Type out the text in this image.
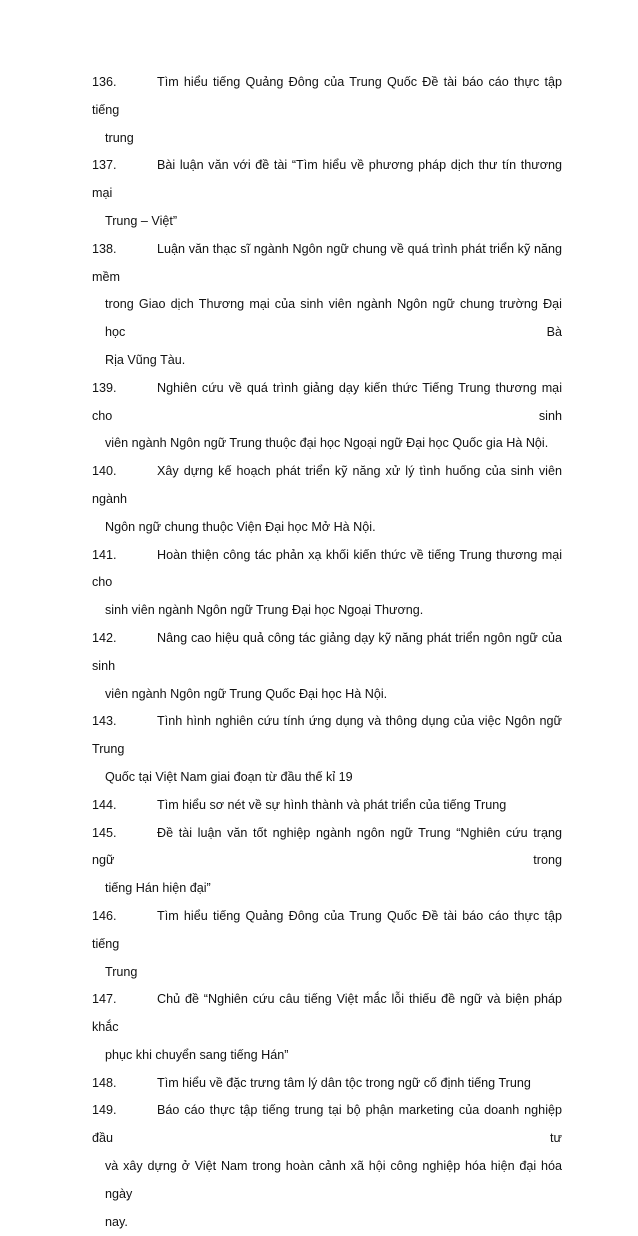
136.	Tìm hiểu tiếng Quảng Đông của Trung Quốc Đề tài báo cáo thực tập tiếng
trung
137.	Bài luận văn với đề tài “Tìm hiểu về phương pháp dịch thư tín thương mại
Trung – Việt”
138.	Luận văn thạc sĩ ngành Ngôn ngữ chung về quá trình phát triển kỹ năng mềm
trong Giao dịch Thương mại của sinh viên ngành Ngôn ngữ chung trường Đại học Bà
Rịa Vũng Tàu.
139.	Nghiên cứu về quá trình giảng dạy kiến thức Tiếng Trung thương mại cho sinh
viên ngành Ngôn ngữ Trung thuộc đại học Ngoại ngữ Đại học Quốc gia Hà Nội.
140.	Xây dựng kế hoạch phát triển kỹ năng xử lý tình huống của sinh viên ngành
Ngôn ngữ chung thuộc Viện Đại học Mở Hà Nội.
141.	Hoàn thiện công tác phản xạ khối kiến thức về tiếng Trung thương mại cho
sinh viên ngành Ngôn ngữ Trung Đại học Ngoại Thương.
142.	Nâng cao hiệu quả công tác giảng dạy kỹ năng phát triển ngôn ngữ của sinh
viên ngành Ngôn ngữ Trung Quốc Đại học Hà Nội.
143.	Tình hình nghiên cứu tính ứng dụng và thông dụng của việc Ngôn ngữ Trung
Quốc tại Việt Nam giai đoạn từ đầu thế kỉ 19
144.	Tìm hiểu sơ nét về sự hình thành và phát triển của tiếng Trung
145.	Đề tài luận văn tốt nghiệp ngành ngôn ngữ Trung “Nghiên cứu trạng ngữ trong
tiếng Hán hiện đại”
146.	Tìm hiểu tiếng Quảng Đông của Trung Quốc Đề tài báo cáo thực tập tiếng
Trung
147.	Chủ đề “Nghiên cứu câu tiếng Việt mắc lỗi thiếu đề ngữ và biện pháp khắc
phục khi chuyển sang tiếng Hán”
148.	Tìm hiểu về đặc trưng tâm lý dân tộc trong ngữ cố định tiếng Trung
149.	Báo cáo thực tập tiếng trung tại bộ phận marketing của doanh nghiệp đầu tư
và xây dựng ở Việt Nam trong hoàn cảnh xã hội công nghiệp hóa hiện đại hóa ngày
nay.
